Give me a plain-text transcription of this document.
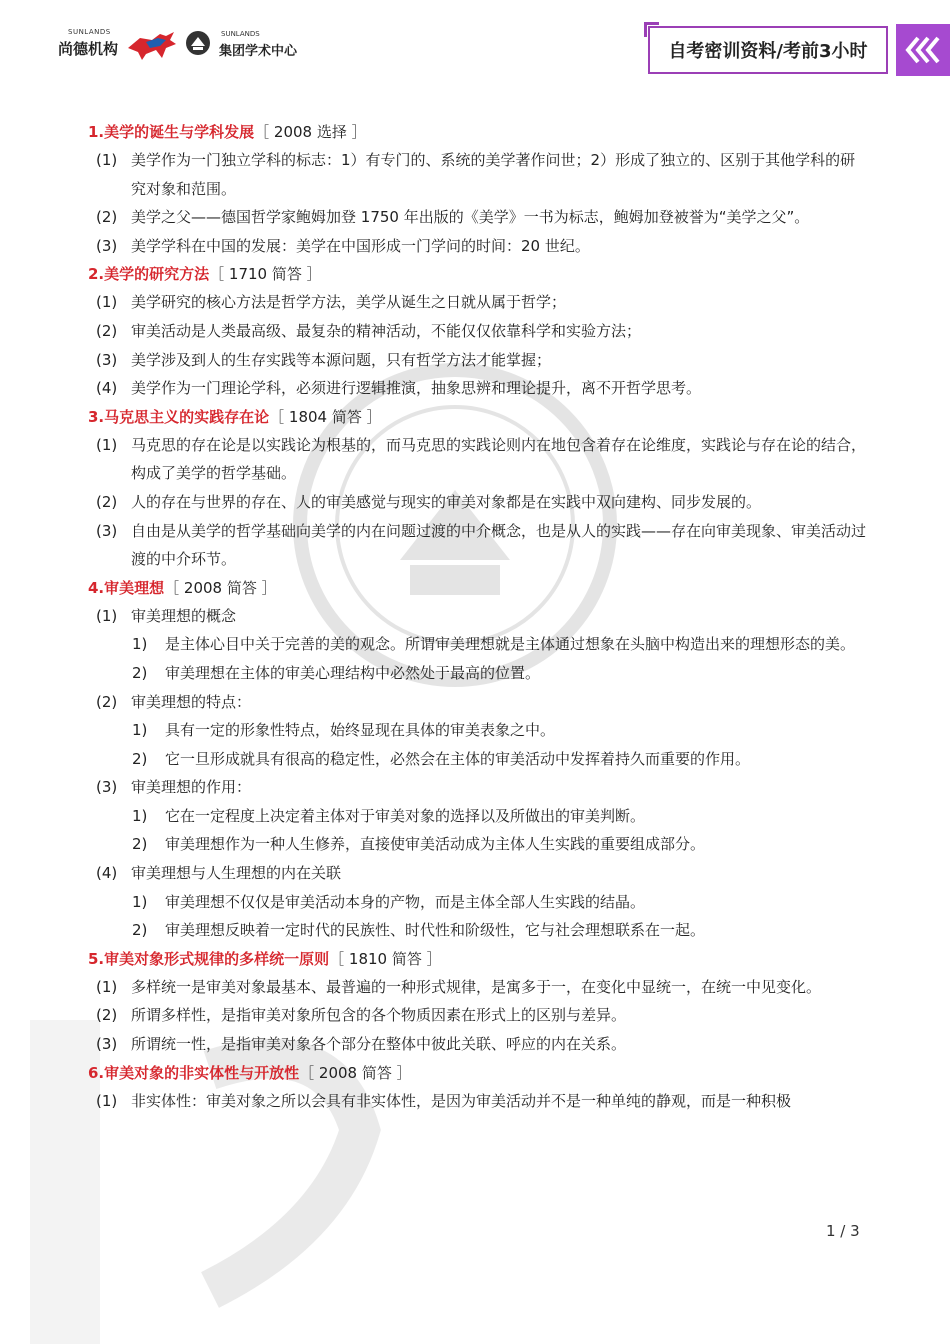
SUNLANDS
尚德机构
SUNLANDS
集团学术中心	自考密训资料/考前3小时
1.美学的诞生与学科发展［ 2008 选择 ］
(1) 美学作为一门独立学科的标志：1）有专门的、系统的美学著作问世；2）形成了独立的、区别于其他学科的研究对象和范围。
(2) 美学之父——德国哲学家鲍姆加登 1750 年出版的《美学》一书为标志，鲍姆加登被誉为“美学之父”。
(3) 美学学科在中国的发展：美学在中国形成一门学问的时间：20 世纪。
2.美学的研究方法［ 1710 简答 ］
(1) 美学研究的核心方法是哲学方法，美学从诞生之日就从属于哲学；
(2) 审美活动是人类最高级、最复杂的精神活动，不能仅仅依靠科学和实验方法；
(3) 美学涉及到人的生存实践等本源问题，只有哲学方法才能掌握；
(4) 美学作为一门理论学科，必须进行逻辑推演，抽象思辨和理论提升，离不开哲学思考。
3.马克思主义的实践存在论［ 1804 简答 ］
(1) 马克思的存在论是以实践论为根基的，而马克思的实践论则内在地包含着存在论维度，实践论与存在论的结合，构成了美学的哲学基础。
(2) 人的存在与世界的存在、人的审美感觉与现实的审美对象都是在实践中双向建构、同步发展的。
(3) 自由是从美学的哲学基础向美学的内在问题过渡的中介概念，也是从人的实践——存在向审美现象、审美活动过渡的中介环节。
4.审美理想［ 2008 简答 ］
(1) 审美理想的概念
1) 是主体心目中关于完善的美的观念。所谓审美理想就是主体通过想象在头脑中构造出来的理想形态的美。
2) 审美理想在主体的审美心理结构中必然处于最高的位置。
(2) 审美理想的特点：
1) 具有一定的形象性特点，始终显现在具体的审美表象之中。
2) 它一旦形成就具有很高的稳定性，必然会在主体的审美活动中发挥着持久而重要的作用。
(3) 审美理想的作用：
1) 它在一定程度上决定着主体对于审美对象的选择以及所做出的审美判断。
2) 审美理想作为一种人生修养，直接使审美活动成为主体人生实践的重要组成部分。
(4) 审美理想与人生理想的内在关联
1) 审美理想不仅仅是审美活动本身的产物，而是主体全部人生实践的结晶。
2) 审美理想反映着一定时代的民族性、时代性和阶级性，它与社会理想联系在一起。
5.审美对象形式规律的多样统一原则［ 1810 简答 ］
(1) 多样统一是审美对象最基本、最普遍的一种形式规律，是寓多于一，在变化中显统一，在统一中见变化。
(2) 所谓多样性，是指审美对象所包含的各个物质因素在形式上的区别与差异。
(3) 所谓统一性，是指审美对象各个部分在整体中彼此关联、呼应的内在关系。
6.审美对象的非实体性与开放性［ 2008 简答 ］
(1) 非实体性：审美对象之所以会具有非实体性，是因为审美活动并不是一种单纯的静观，而是一种积极
1 / 3
